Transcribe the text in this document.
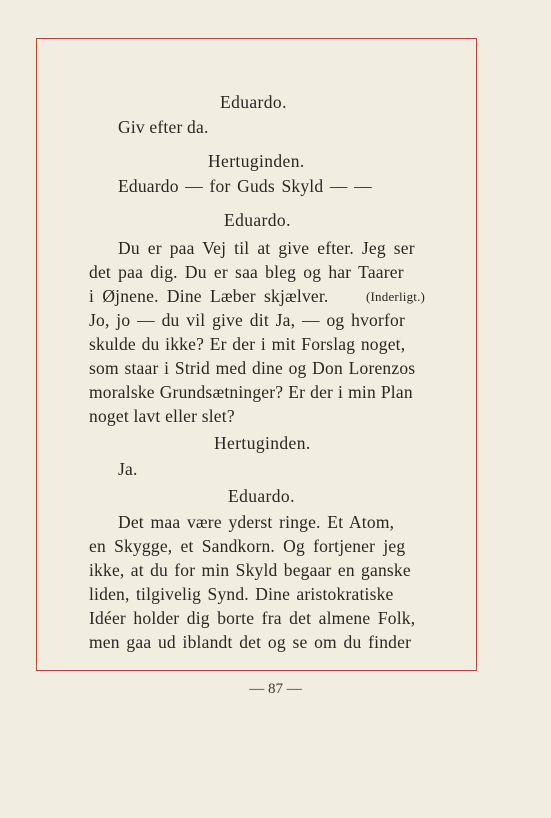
Eduardo.
Giv efter da.
Hertuginden.
Eduardo — for Guds Skyld — —
Eduardo.
Du er paa Vej til at give efter. Jeg ser
det paa dig. Du er saa bleg og har Taarer
i Øjnene. Dine Læber skjælver.	(Inderligt.)
Jo, jo — du vil give dit Ja, — og hvorfor
skulde du ikke? Er der i mit Forslag noget,
som staar i Strid med dine og Don Lorenzos
moralske Grundsætninger? Er der i min Plan
noget lavt eller slet?
Hertuginden.
Ja.
Eduardo.
Det maa være yderst ringe. Et Atom,
en Skygge, et Sandkorn. Og fortjener jeg
ikke, at du for min Skyld begaar en ganske
liden, tilgivelig Synd. Dine aristokratiske
Idéer holder dig borte fra det almene Folk,
men gaa ud iblandt det og se om du finder
— 87 —
